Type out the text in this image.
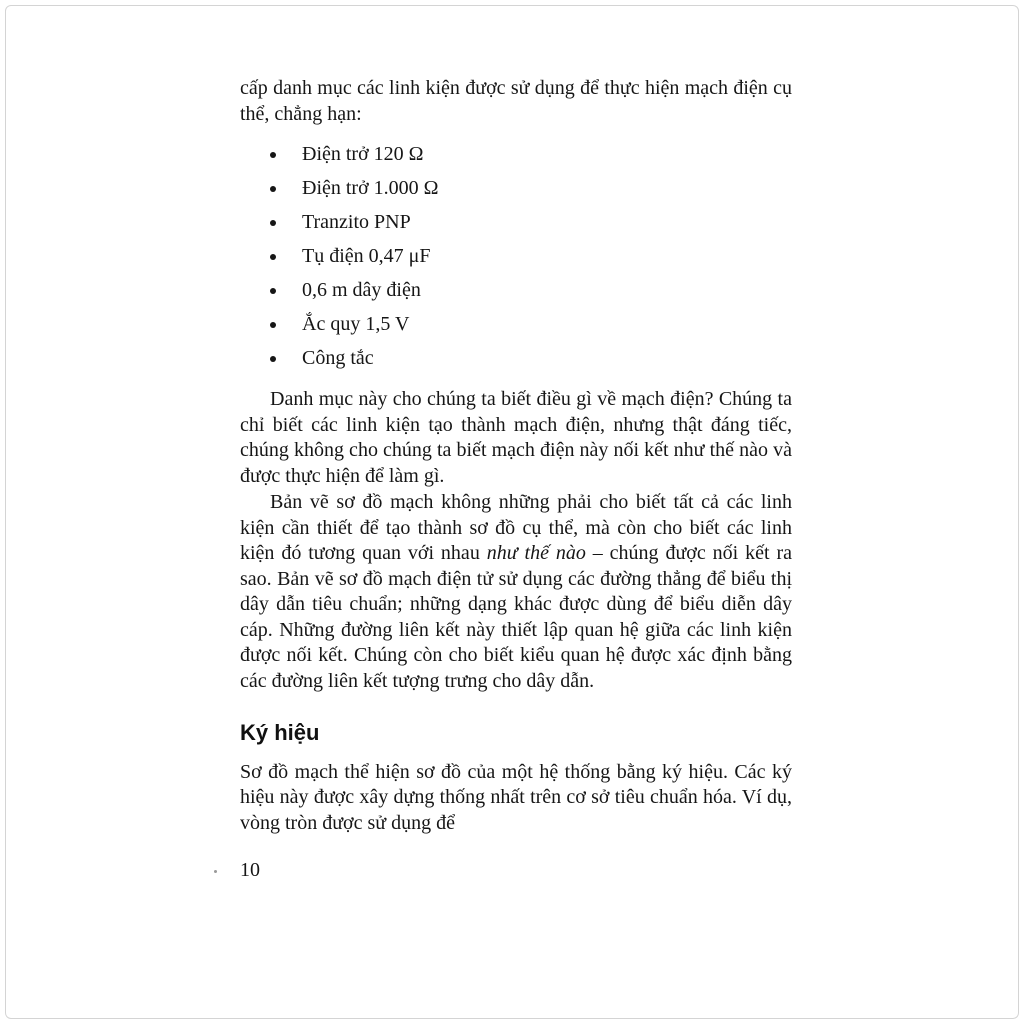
cấp danh mục các linh kiện được sử dụng để thực hiện mạch điện cụ thể, chẳng hạn:

Điện trở 120 Ω
Điện trở 1.000 Ω
Tranzito PNP
Tụ điện 0,47 μF
0,6 m dây điện
Ắc quy 1,5 V
Công tắc

Danh mục này cho chúng ta biết điều gì về mạch điện? Chúng ta chỉ biết các linh kiện tạo thành mạch điện, nhưng thật đáng tiếc, chúng không cho chúng ta biết mạch điện này nối kết như thế nào và được thực hiện để làm gì.

Bản vẽ sơ đồ mạch không những phải cho biết tất cả các linh kiện cần thiết để tạo thành sơ đồ cụ thể, mà còn cho biết các linh kiện đó tương quan với nhau như thế nào – chúng được nối kết ra sao. Bản vẽ sơ đồ mạch điện tử sử dụng các đường thẳng để biểu thị dây dẫn tiêu chuẩn; những dạng khác được dùng để biểu diễn dây cáp. Những đường liên kết này thiết lập quan hệ giữa các linh kiện được nối kết. Chúng còn cho biết kiểu quan hệ được xác định bằng các đường liên kết tượng trưng cho dây dẫn.

Ký hiệu

Sơ đồ mạch thể hiện sơ đồ của một hệ thống bằng ký hiệu. Các ký hiệu này được xây dựng thống nhất trên cơ sở tiêu chuẩn hóa. Ví dụ, vòng tròn được sử dụng để

10
